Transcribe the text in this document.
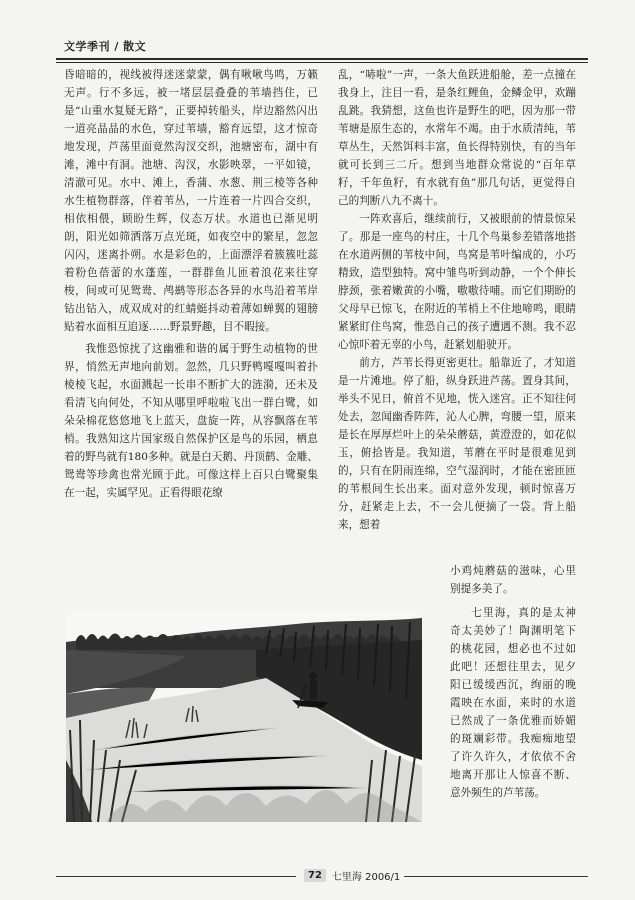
文学季刊 / 散文

昏暗暗的，视线被得迷迷蒙蒙，偶有啾啾鸟鸣，万籁无声。行不多远，被一堵层层叠叠的苇墙挡住，已是“山重水复疑无路”，正要掉转船头，岸边豁然闪出一道亮晶晶的水色，穿过苇墙，豁育远望，这才惊奇地发现，芦荡里面竟然沟汊交织，池塘密布，湖中有滩，滩中有洞。池塘、沟汊，水影映翠，一平如镜，清澈可见。水中、滩上，香蒲、水葱、荆三棱等各种水生植物群落，伴着苇丛，一片连着一片四合交织，相依相偎，顾盼生辉，仪态万状。水道也已渐见明朗，阳光如筛洒落万点光斑，如夜空中的繁星，忽忽闪闪，迷离扑朔。水是彩色的，上面漂浮着簇簇吐蕊着粉色蓓蕾的水蓬莲，一群群鱼儿匝着浪花来往穿梭，间或可见鸳鸯、鸬鹚等形态各异的水鸟沿着苇岸钻出钻入，成双成对的红蜻蜓抖动着薄如蝉翼的翅膀贴着水面相互追逐……野景野趣，目不暇接。

我惟恐惊扰了这幽雅和谐的属于野生动植物的世界，悄然无声地向前划。忽然，几只野鸭嘎嘎叫着扑棱棱飞起，水面溅起一长串不断扩大的涟漪，还未及看清飞向何处，不知从哪里呼啦啦飞出一群白鹭，如朵朵棉花悠悠地飞上蓝天，盘旋一阵，从容飘落在苇梢。我熟知这片国家级自然保护区是鸟的乐园，栖息着的野鸟就有180多种。就是白天鹅、丹顶鹤、金雕、鸳鸯等珍禽也常光顾于此。可像这样上百只白鹭聚集在一起，实属罕见。正看得眼花缭

乱，“哧啦”一声，一条大鱼跃进船舱，差一点撞在我身上，注目一看，是条红鲤鱼，金鳞金甲，欢蹦乱跳。我猜想，这鱼也许是野生的吧，因为那一带苇塘是原生态的，水常年不竭。由于水质清纯，苇草丛生，天然饵料丰富，鱼长得特别快，有的当年就可长到三二斤。想到当地群众常说的“百年草籽，千年鱼籽，有水就有鱼”那几句话，更觉得自己的判断八九不离十。

一阵欢喜后，继续前行，又被眼前的情景惊呆了。那是一座鸟的村庄，十几个鸟巢参差错落地搭在水道两侧的苇枝中间，鸟窝是苇叶编成的，小巧精致，造型独特。窝中雏鸟听到动静，一个个伸长脖颈，张着嫩黄的小嘴，嗷嗷待哺。而它们期盼的父母早已惊飞，在附近的苇梢上不住地啼鸣，眼睛紧紧盯住鸟窝，惟恐自己的孩子遭遇不测。我不忍心惊吓着无辜的小鸟，赶紧划船驶开。

前方，芦苇长得更密更壮。船靠近了，才知道是一片滩地。停了船，纵身跃进芦荡。置身其间，举头不见日，俯首不见地，恍入迷宫。正不知往何处去，忽闻幽香阵阵，沁人心脾，弯腰一望，原来是长在厚厚烂叶上的朵朵蘑菇，黄澄澄的，如花似玉，俯拾皆是。我知道，苇蘑在平时是很难见到的，只有在阴雨连绵，空气湿润时，才能在密匝匝的苇根间生长出来。面对意外发现，顿时惊喜万分，赶紧走上去，不一会儿便摘了一袋。背上船来，想着

小鸡炖蘑菇的滋味，心里别提多美了。

七里海，真的是太神奇太美妙了！陶渊明笔下的桃花园，想必也不过如此吧！还想往里去，见夕阳已缓缓西沉，绚丽的晚霞映在水面，来时的水道已然成了一条优雅而娇媚的斑斓彩带。我痴痴地望了许久许久，才依依不舍地离开那让人惊喜不断、意外频生的芦苇荡。

72	七里海 2006/1
